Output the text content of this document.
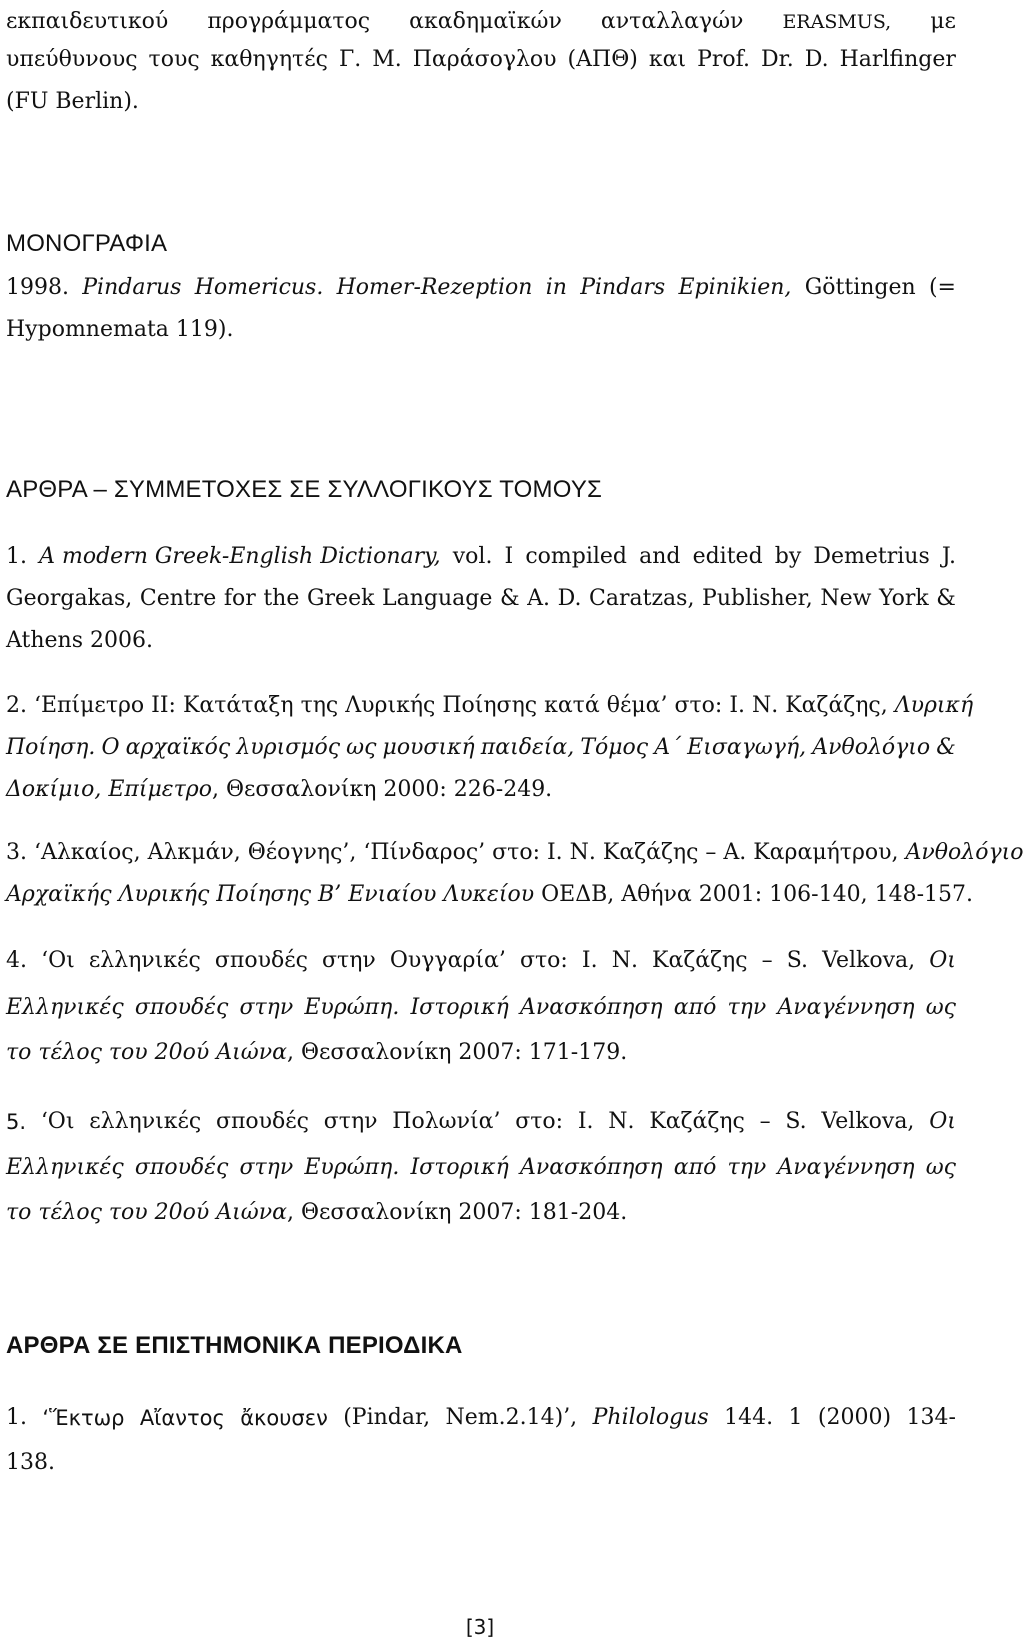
εκπαιδευτικού προγράμματος ακαδημαϊκών ανταλλαγών ERASMUS, με
υπεύθυνους τους καθηγητές Γ. Μ. Παράσογλου (ΑΠΘ) και Prof. Dr. D. Harlfinger
(FU Berlin).
ΜΟΝΟΓΡΑΦΙΑ
1998. Pindarus Homericus. Homer-Rezeption in Pindars Epinikien, Göttingen (=
Hypomnemata 119).
ΑΡΘΡΑ – ΣΥΜΜΕΤΟΧΕΣ ΣΕ ΣΥΛΛΟΓΙΚΟΥΣ ΤΟΜΟΥΣ
1. A modern Greek-English Dictionary, vol. I compiled and edited by Demetrius J.
Georgakas, Centre for the Greek Language & A. D. Caratzas, Publisher, New York &
Athens 2006.
2. ‘Επίμετρο ΙΙ: Κατάταξη της Λυρικής Ποίησης κατά θέμα’ στο: Ι. Ν. Καζάζης, Λυρική
Ποίηση. Ο αρχαϊκός λυρισμός ως μουσική παιδεία, Τόμος Α΄ Εισαγωγή, Ανθολόγιο &
Δοκίμιο, Επίμετρο, Θεσσαλονίκη 2000: 226-249.
3. ‘Αλκαίος, Αλκμάν, Θέογνης’, ‘Πίνδαρος’ στο: Ι. Ν. Καζάζης – Α. Καραμήτρου, Ανθολόγιο
Αρχαϊκής Λυρικής Ποίησης Β’ Ενιαίου Λυκείου ΟΕΔΒ, Αθήνα 2001: 106-140, 148-157.
4. ‘Οι ελληνικές σπουδές στην Ουγγαρία’ στο: Ι. Ν. Καζάζης – S. Velkova, Οι
Ελληνικές σπουδές στην Ευρώπη. Ιστορική Ανασκόπηση από την Αναγέννηση ως
το τέλος του 20ού Αιώνα, Θεσσαλονίκη 2007: 171-179.
5. ‘Οι ελληνικές σπουδές στην Πολωνία’ στο: Ι. Ν. Καζάζης – S. Velkova, Οι
Ελληνικές σπουδές στην Ευρώπη. Ιστορική Ανασκόπηση από την Αναγέννηση ως
το τέλος του 20ού Αιώνα, Θεσσαλονίκη 2007: 181-204.
ΑΡΘΡΑ ΣΕ ΕΠΙΣΤΗΜΟΝΙΚΑ ΠΕΡΙΟΔΙΚΑ
1. ‘Ἕκτωρ Αἴαντος ἄκουσεν (Pindar, Nem.2.14)’, Philologus 144. 1 (2000) 134-
138.
[3]
